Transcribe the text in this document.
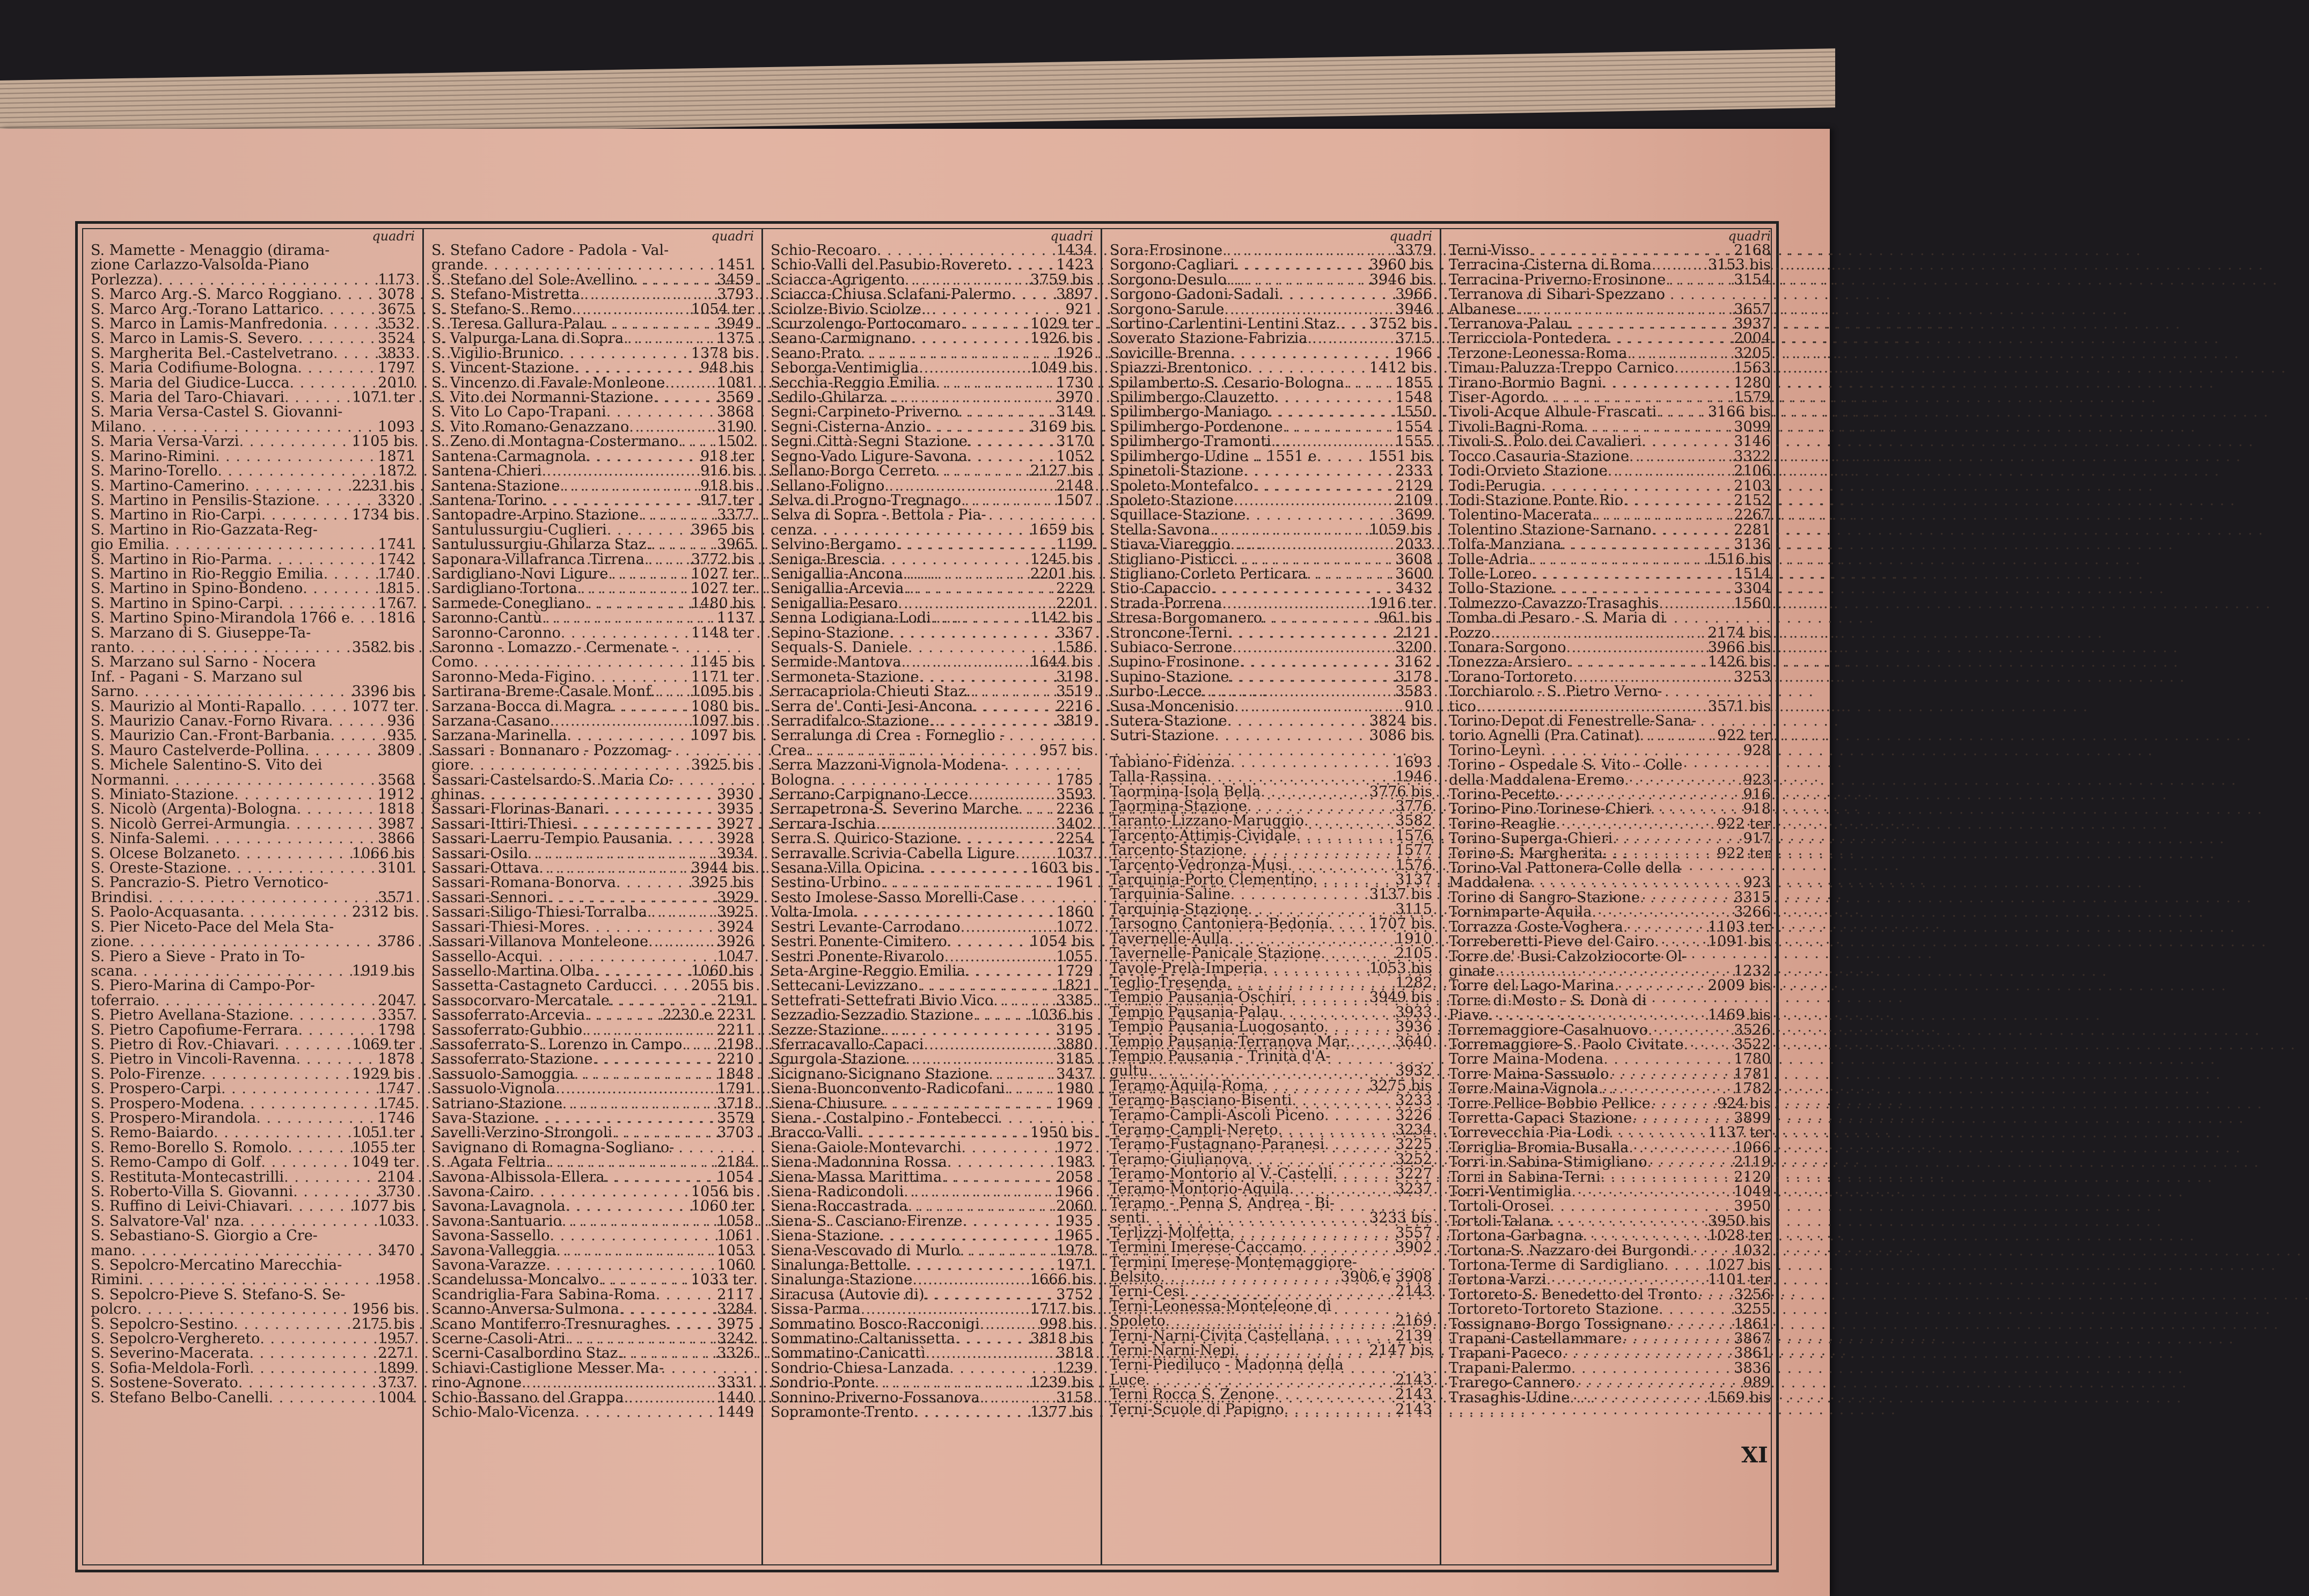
quadri
S. Mamette - Menaggio (dirama-
zione Carlazzo-Valsolda-Piano
Porlezza) . . .	1173
S. Marco Arg.-S. Marco Roggiano . . .	3078
S. Marco Arg.-Torano Lattarico . . .	3675
S. Marco in Lamis-Manfredonia . . .	3532
S. Marco in Lamis-S. Severo . . .	3524
S. Margherita Bel.-Castelvetrano . . .	3833
S. Maria Codifiume-Bologna . . .	1797
S. Maria del Giudice-Lucca . . .	2010
S. Maria del Taro-Chiavari . . .	1071 ter
S. Maria Versa-Castel S. Giovanni-
Milano . . .	1093
S. Maria Versa-Varzi . . .	1105 bis
S. Marino-Rimini . . .	1871
S. Marino-Torello . . .	1872
S. Martino-Camerino . . .	2231 bis
S. Martino in Pensilis-Stazione . . .	3320
S. Martino in Rio-Carpi . . .	1734 bis
S. Martino in Rio-Gazzata-Reg-
gio Emilia . . .	1741
S. Martino in Rio-Parma . . .	1742
S. Martino in Rio-Reggio Emilia . . .	1740
S. Martino in Spino-Bondeno . . .	1815
S. Martino in Spino-Carpi . . .	1767
S. Martino Spino-Mirandola 1766 e . . . 1816
S. Marzano di S. Giuseppe-Ta-
ranto . . .	3582 bis
S. Marzano sul Sarno - Nocera
Inf. - Pagani - S. Marzano sul
Sarno . . .	3396 bis
S. Maurizio al Monti-Rapallo . . .	1077 ter
S. Maurizio Canav.-Forno Rivara . . .	936
S. Maurizio Can.-Front-Barbania . . .	935
S. Mauro Castelverde-Pollina . . .	3809
S. Michele Salentino-S. Vito dei
Normanni . . .	3568
S. Miniato-Stazione . . .	1912
S. Nicolò (Argenta)-Bologna . . .	1818
S. Nicolò Gerrei-Armungia . . .	3987
S. Ninfa-Salemi . . .	3866
S. Olcese Bolzaneto . . .	1066 bis
S. Oreste-Stazione . . .	3101
S. Pancrazio-S. Pietro Vernotico-
Brindisi . . .	3571
S. Paolo-Acquasanta . . .	2312 bis
S. Pier Niceto-Pace del Mela Sta-
zione . . .	3786
S. Piero a Sieve - Prato in To-
scana . . .	1919 bis
S. Piero-Marina di Campo-Por-
toferraio . . .	2047
S. Pietro Avellana-Stazione . . .	3357
S. Pietro Capofiume-Ferrara . . .	1798
S. Pietro di Rov.-Chiavari . . .	1069 ter
S. Pietro in Vincoli-Ravenna . . .	1878
S. Polo-Firenze . . .	1929 bis
S. Prospero-Carpi . . .	1747
S. Prospero-Modena . . .	1745
S. Prospero-Mirandola . . .	1746
S. Remo-Baiardo . . .	1051 ter
S. Remo-Borello S. Romolo . . .	1055 ter
S. Remo-Campo di Golf . . .	1049 ter
S. Restituta-Montecastrilli . . .	2104
S. Roberto-Villa S. Giovanni . . .	3730
S. Ruffino di Leivi-Chiavari . . .	1077 bis
S. Salvatore-Val' nza . . .	1033
S. Sebastiano-S. Giorgio a Cre-
mano . . .	3470
S. Sepolcro-Mercatino Marecchia-
Rimini . . .	1958
S. Sepolcro-Pieve S. Stefano-S. Se-
polcro . . .	1956 bis
S. Sepolcro-Sestino . . .	2175 bis
S. Sepolcro-Verghereto . . .	1957
S. Severino-Macerata . . .	2271
S. Sofia-Meldola-Forlì . . .	1899
S. Sostene-Soverato . . .	3737
S. Stefano Belbo-Canelli . . .	1004
quadri
S. Stefano Cadore - Padola - Val-
grande . . .	1451
S. Stefano del Sole-Avellino . . .	3459
S. Stefano-Mistretta . . .	3793
S. Stefano-S. Remo . . .	1054 ter
S. Teresa Gallura-Palau . . .	3949
S. Valpurga-Lana di Sopra . . .	1375
S. Vigilio-Brunico . . .	1378 bis
S. Vincent-Stazione . . .	948 bis
S. Vincenzo di Favale-Monleone . . .	1081
S. Vito dei Normanni-Stazione . . .	3569
S. Vito Lo Capo-Trapani . . .	3868
S. Vito Romano-Genazzano . . .	3190
S. Zeno di Montagna-Costermano . . .	1502
Santena-Carmagnola . . .	918 ter
Santena-Chieri . . .	916 bis
Santena-Stazione . . .	918 bis
Santena-Torino . . .	917 ter
Santopadre-Arpino Stazione . . .	3377
Santulussurgiu-Cuglieri . . .	3965 bis
Santulussurgiu-Ghilarza Staz. . . .	3965
Saponara-Villafranca Tirrena . . .	3772 bis
Sardigliano-Novi Ligure . . .	1027 ter
Sardigliano-Tortona . . .	1027 ter
Sarmede-Conegliano . . .	1480 bis
Saronno-Cantù . . .	1137
Saronno-Caronno . . .	1148 ter
Saronno - Lomazzo - Cermenate -
Como . . .	1145 bis
Saronno-Meda-Figino . . .	1171 ter
Sartirana-Breme-Casale Monf. . . . 1095 bis
Sarzana-Bocca di Magra . . .	1080 bis
Sarzana-Casano . . .	1097 bis
Sarzana-Marinella . . .	1097 bis
Sassari - Bonnanaro - Pozzomag-
giore . . .	3925 bis
Sassari-Castelsardo-S. Maria Co-
ghinas . . .	3930
Sassari-Florinas-Banari . . .	3935
Sassari-Ittiri-Thiesi . . .	3927
Sassari-Laerru-Tempio Pausania . . .	3928
Sassari-Osilo . . .	3934
Sassari-Ottava . . .	3944 bis
Sassari-Romana-Bonorva . . .	3925 bis
Sassari-Sennori . . .	3929
Sassari-Siligo-Thiesi-Torralba . . .	3925
Sassari-Thiesi-Mores . . .	3924
Sassari-Villanova Monteleone . . .	3926
Sassello-Acqui . . .	1047
Sassello-Martina Olba . . .	1060 bis
Sassetta-Castagneto Carducci . . .	2055 bis
Sassocorvaro-Mercatale . . .	2191
Sassoferrato-Arcevia . . .	2230 e 2231
Sassoferrato-Gubbio . . .	2211
Sassoferrato-S. Lorenzo in Campo . . . 2198
Sassoferrato-Stazione . . .	2210
Sassuolo-Samoggia . . .	1848
Sassuolo-Vignola . . .	1791
Satriano-Stazione . . .	3718
Sava-Stazione . . .	3579
Savelli-Verzino-Strongoli . . .	3703
Savignano di Romagna-Sogliano-
S. Agata Feltria . . .	2184
Savona-Albissola-Ellera . . .	1054
Savona-Cairo . . .	1056 bis
Savona-Lavagnola . . .	1060 ter
Savona-Santuario . . .	1058
Savona-Sassello . . .	1061
Savona-Valleggia . . .	1053
Savona-Varazze . . .	1060
Scandelussa-Moncalvo . . .	1033 ter
Scandriglia-Fara Sabina-Roma . . .	2117
Scanno-Anversa-Sulmona . . .	3284
Scano Montiferro-Tresnuraghes . . .	3975
Scerne-Casoli-Atri . . .	3242
Scerni-Casalbordino Staz. . . .	3326
Schiavi-Castiglione Messer Ma-
rino-Agnone . . .	3331
Schio-Bassano del Grappa . . .	1440
Schio-Malo-Vicenza . . .	1449
quadri
Schio-Recoaro . . .	1434
Schio-Valli del Pasubio-Rovereto . . .	1423
Sciacca-Agrigento . . .	3759 bis
Sciacca-Chiusa Sclafani-Palermo . . .	3897
Sciolze-Bivio Sciolze . . .	921
Scurzolengo-Portocomaro . . .	1029 ter
Seano-Carmignano . . .	1926 bis
Seano-Prato . . .	1926
Seborga-Ventimiglia . . .	1049 bis
Secchia-Reggio Emilia . . .	1730
Sedilo-Ghilarza . . .	3970
Segni-Carpineto-Priverno . . .	3149
Segni-Cisterna-Anzio . . .	3169 bis
Segni Città-Segni Stazione . . .	3170
Segno-Vado Ligure-Savona . . .	1052
Sellano-Borgo Cerreto . . .	2127 bis
Sellano-Foligno . . .	2148
Selva di Progno-Tregnago . . .	1507
Selva di Sopra - Bettola - Pia-
cenza . . .	1659 bis
Selvino-Bergamo . . .	1199
Seniga-Brescia . . .	1245 bis
Senigallia-Ancona . . .	2201 bis
Senigallia-Arcevia . . .	2229
Senigallia-Pesaro . . .	2201
Senna Lodigiana-Lodi . . .	1142 bis
Sepino-Stazione . . .	3367
Sequals-S. Daniele . . .	1586
Sermide-Mantova . . .	1644 bis
Sermoneta-Stazione . . .	3198
Serracapriola-Chieuti Staz. . . .	3519
Serra de' Conti-Jesi-Ancona . . .	2216
Serradifalco-Stazione . . .	3819
Serralunga di Crea - Forneglio -
Crea . . .	957 bis
Serra Mazzoni-Vignola-Modena-
Bologna . . .	1785
Serrano-Carpignano-Lecce . . .	3593
Serrapetrona-S. Severino Marche . . .	2236
Serrara-Ischia . . .	3402
Serra S. Quirico-Stazione . . .	2254
Serravalle Scrivia-Cabella Ligure . . .	1037
Sesana-Villa Opicina . . .	1603 bis
Sestino-Urbino . . .	1961
Sesto Imolese-Sasso Morelli-Case
Volta-Imola . . .	1860
Sestri Levante-Carrodano . . .	1072
Sestri Ponente-Cimitero . . .	1054 bis
Sestri Ponente-Rivarolo . . .	1055
Seta-Argine-Reggio Emilia . . .	1729
Settecani-Levizzano . . .	1821
Settefrati-Settefrati Bivio Vico . . .	3385
Sezzadio-Sezzadio Stazione . . .	1036 bis
Sezze-Stazione . . .	3195
Sferracavallo-Capaci . . .	3880
Sgurgola-Stazione . . .	3185
Sicignano-Sicignano Stazione . . .	3437
Siena-Buonconvento-Radicofani . . .	1980
Siena-Chiusure . . .	1969
Siena - Costalpino - Fontebecci
Bracco-Valli . . .	1950 bis
Siena-Gaiole-Montevarchi . . .	1972
Siena-Madonnina Rossa . . .	1983
Siena-Massa Marittima . . .	2058
Siena-Radicondoli . . .	1966
Siena-Roccastrada . . .	2060
Siena-S. Casciano-Firenze . . .	1935
Siena-Stazione . . .	1965
Siena-Vescovado di Murlo . . .	1978
Sinalunga-Bettolle . . .	1971
Sinalunga-Stazione . . .	1666 bis
Siracusa (Autovie di) . . .	3752
Sissa-Parma . . .	1717 bis
Sommatino Bosco-Racconigi . . .	998 bis
Sommatino-Caltanissetta . . .	3818 bis
Sommatino-Canicattì . . .	3818
Sondrio-Chiesa-Lanzada . . .	1239
Sondrio-Ponte . . .	1239 bis
Sonnino-Priverno-Fossanova . . .	3158
Sopramonte-Trento . . .	1377 bis
quadri
Sora-Frosinone . . .	3379
Sorgono-Cagliari . . .	3960 bis
Sorgono-Desulo . . .	3946 bis
Sorgono-Gadoni-Sadali . . .	3966
Sorgono-Sarule . . .	3946
Sortino-Carlentini-Lentini Staz. . . . 3752 bis
Soverato Stazione-Fabrizia . . .	3715
Sovicille-Brenna . . .	1966
Spiazzi-Brentonico . . .	1412 bis
Spilamberto-S. Cesario-Bologna . . .	1855
Spilimbergo-Clauzetto . . .	1548
Spilimbergo-Maniago . . .	1550
Spilimbergo-Pordenone . . .	1554
Spilimbergo-Tramonti . . .	1555
Spilimbergo-Udine .. 1551 e . . .	1551 bis
Spinetoli-Stazione . . .	2333
Spoleto-Montefalco . . .	2129
Spoleto-Stazione . . .	2109
Squillace-Stazione . . .	3699
Stella-Savona . . .	1059 bis
Stiava-Viareggio . . .	2033
Stigliano-Pisticci . . .	3608
Stigliano-Corleto Perticara . . .	3600
Stio-Capaccio . . .	3432
Strada-Porrena . . .	1916 ter
Stresa-Borgomanero . . .	961 bis
Stroncone-Terni . . .	2121
Subiaco-Serrone . . .	3200
Supino-Frosinone . . .	3162
Supino-Stazione . . .	3178
Surbo-Lecce . . .	3583
Susa-Moncenisio . . .	910
Sutera-Stazione . . .	3824 bis
Sutri-Stazione . . .	3086 bis
Tabiano-Fidenza . . .	1693
Talla-Rassina . . .	1946
Taormina-Isola Bella . . .	3776 bis
Taormina-Stazione . . .	3776
Taranto-Lizzano-Maruggio . . .	3582
Tarcento-Attimis-Cividale . . .	1576
Tarcento-Stazione . . .	1577
Tarcento-Vedronza-Musi . . .	1576
Tarquinia-Porto Clementino . . .	3137
Tarquinia-Saline . . .	3137 bis
Tarquinia-Stazione . . .	3115
Tarsogno Cantoniera-Bedonia . . .	1707 bis
Tavernelle-Aulla . . .	1910
Tavernelle-Panicale Stazione . . .	2105
Tavole-Prelà-Imperia . . .	1053 bis
Teglio-Tresenda . . .	1282
Tempio Pausania-Oschiri . . .	3949 bis
Tempio Pausania-Palau . . .	3933
Tempio Pausania-Luogosanto . . .	3936
Tempio Pausania-Terranova Mar. . . .	3640
Tempio Pausania - Trinità d'A-
gultu . . .	3932
Teramo-Aquila-Roma . . .	3275 bis
Teramo-Basciano-Bisenti . . .	3233
Teramo-Campli-Ascoli Piceno . . .	3226
Teramo-Campli-Nereto . . .	3234
Teramo-Fustagnano-Paranesi . . .	3225
Teramo-Giulianova . . .	3252
Teramo-Montorio al V.-Castelli . . .	3227
Teramo-Montorio-Aquila . . .	3237
Teramo - Penna S. Andrea - Bi-
senti . . .	3233 bis
Terlizzi-Molfetta . . .	3557
Termini Imerese-Caccamo . . .	3902
Termini Imerese-Montemaggiore-
Belsito . . .	3906 e 3908
Terni-Cesi . . .	2143
Terni-Leonessa-Monteleone di
Spoleto . . .	2169
Terni-Narni-Civita Castellana . . .	2139
Terni-Narni-Nepi . . .	2147 bis
Terni-Piediluco - Madonna della
Luce . . .	2143
Terni Rocca S. Zenone . . .	2143
Terni-Scuole di Papigno . . .	2143
quadri
Terni-Visso . . .	2168
Terracina-Cisterna di Roma . . .	3153 bis
Terracina-Priverno-Frosinone . . .	3154
Terranova di Sibari-Spezzano
Albanese . . .	3657
Terranova-Palau . . .	3937
Terricciola-Pontedera . . .	2004
Terzone-Leonessa-Roma . . .	3205
Timau-Paluzza-Treppo Carnico . . .	1563
Tirano-Bormio Bagni . . .	1280
Tiser-Agordo . . .	1579
Tivoli-Acque Albule-Frascati . . .	3166 bis
Tivoli-Bagni-Roma . . .	3099
Tivoli-S. Polo dei Cavalieri . . .	3146
Tocco Casauria-Stazione . . .	3322
Todi-Orvieto Stazione . . .	2106
Todi-Perugia . . .	2103
Todi-Stazione Ponte Rio . . .	2152
Tolentino-Macerata . . .	2267
Tolentino Stazione-Sarnano . . .	2281
Tolfa-Manziana . . .	3136
Tolle-Adria . . .	1516 bis
Tolle-Loreo . . .	1514
Tollo-Stazione . . .	3304
Tolmezzo-Cavazzo-Trasaghis . . .	1560
Tomba di Pesaro - S. Maria di
Pozzo . . .	2174 bis
Tonara-Sorgono . . .	3966 bis
Tonezza-Arsiero . . .	1426 bis
Torano-Tortoreto . . .	3253
Torchiarolo - S. Pietro Verno-
tico . . .	3571 bis
Torino-Depot di Fenestrelle-Sana-
torio Agnelli (Pra Catinat) . . .	922 ter
Torino-Leynì . . .	928
Torino - Ospedale S. Vito - Colle
della Maddalena-Eremo . . .	923
Torino-Pecetto . . .	916
Torino-Pino Torinese-Chieri . . .	918
Torino-Reaglie . . .	922 ter
Torino-Superga-Chieri . . .	917
Torino-S. Margherita . . .	922 ter
Torino-Val Pattonera-Colle della
Maddalena . . .	923
Torino di Sangro-Stazione . . .	3315
Tornimparte-Aquila . . .	3266
Torrazza Coste-Voghera . . .	1103 ter
Torreberetti-Pieve del Cairo . . .	1091 bis
Torre de' Busi-Calzolziocorte Ol-
ginate . . .	1232
Torre del Lago-Marina . . .	2009 bis
Torre di Mosto - S. Donà di
Piave . . .	1469 bis
Torremaggiore-Casalnuovo . . .	3526
Torremaggiore-S. Paolo Civitate . . .	3522
Torre Maina-Modena . . .	1780
Torre Maina-Sassuolo . . .	1781
Torre Maina-Vignola . . .	1782
Torre Pellice-Bobbio Pellice . . .	924 bis
Torretta-Capaci Stazione . . .	3899
Torrevecchia Pia-Lodi . . .	1137 ter
Torriglia-Bromia-Busalla . . .	1066
Torri in Sabina-Stimigliano . . .	2119
Torri in Sabina-Terni . . .	2120
Torri-Ventimiglia . . .	1049
Tortoli-Orosei . . .	3950
Tortoli-Talana . . .	3950 bis
Tortona-Garbagna . . .	1028 ter
Tortona-S. Nazzaro dei Burgondi . . .	1032
Tortona-Terme di Sardigliano . . .	1027 bis
Tortona-Varzi . . .	1101 ter
Tortoreto-S. Benedetto del Tronto . . .	3256
Tortoreto-Tortoreto Stazione . . .	3255
Tossignano-Borgo Tossignano . . .	1861
Trapani-Castellammare . . .	3867
Trapani-Paceco . . .	3861
Trapani-Palermo . . .	3836
Trarego-Cannero . . .	989
Trasaghis-Udine . . .	1569 bis
XI
